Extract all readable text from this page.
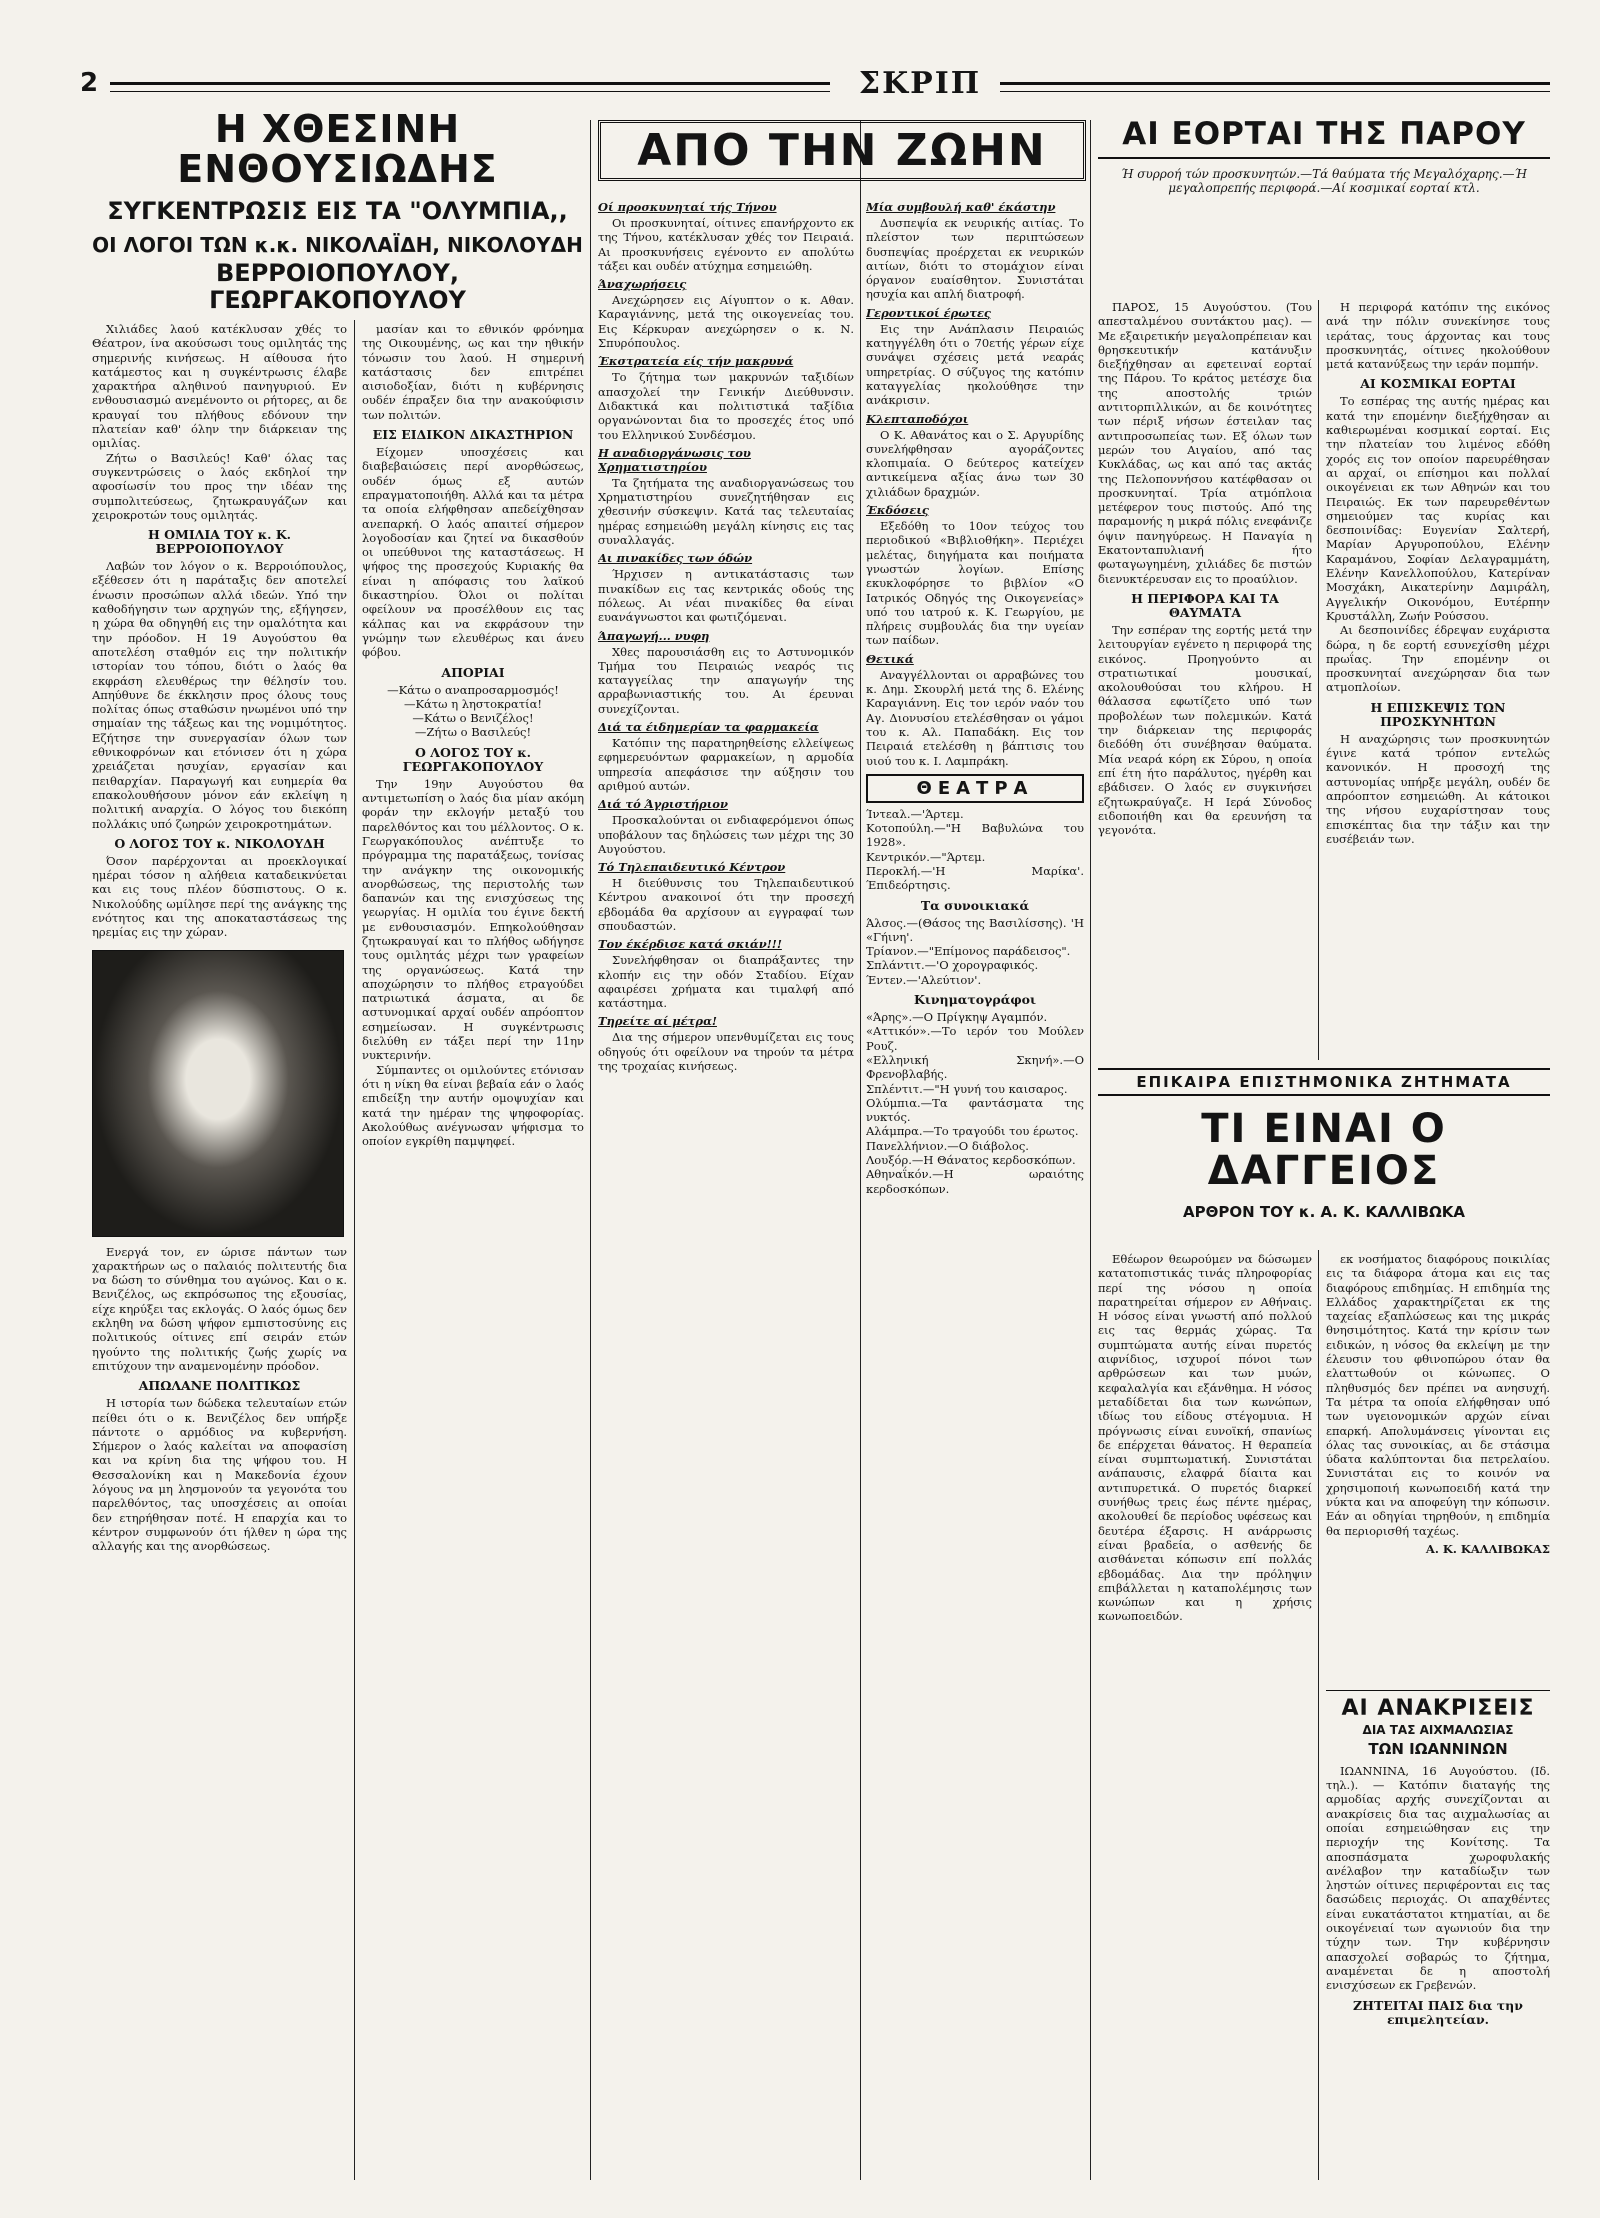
2	ΣΚΡΙΠ
Η ΧΘΕΣΙΝΗ ΕΝΘΟΥΣΙΩΔΗΣ
ΣΥΓΚΕΝΤΡΩΣΙΣ ΕΙΣ ΤΑ "ΟΛΥΜΠΙΑ,,
ΟΙ ΛΟΓΟΙ ΤΩΝ κ.κ. ΝΙΚΟΛΑΪΔΗ, ΝΙΚΟΛΟΥΔΗ
ΒΕΡΡΟΙΟΠΟΥΛΟΥ, ΓΕΩΡΓΑΚΟΠΟΥΛΟΥ

Χιλιάδες λαού κατέκλυσαν χθές το Θέατρον, ίνα ακούσωσι τους ομιλητάς της σημερινής κινήσεως. Η αίθουσα ήτο κατάμεστος και η συγκέντρωσις έλαβε χαρακτήρα αληθινού πανηγυριού. Εν ενθουσιασμώ ανεμένοντο οι ρήτορες, αι δε κραυγαί του πλήθους εδόνουν την πλατείαν καθ' όλην την διάρκειαν της ομιλίας.

Ζήτω ο Βασιλεύς! Καθ' όλας τας συγκεντρώσεις ο λαός εκδηλοί την αφοσίωσίν του προς την ιδέαν της συμπολιτεύσεως, ζητωκραυγάζων και χειροκροτών τους ομιλητάς.

Η ΟΜΙΛΙΑ ΤΟΥ κ. Κ. ΒΕΡΡΟΙΟΠΟΥΛΟΥ

Λαβών τον λόγον ο κ. Βερροιόπουλος, εξέθεσεν ότι η παράταξις δεν αποτελεί ένωσιν προσώπων αλλά ιδεών. Υπό την καθοδήγησιν των αρχηγών της, εξήγησεν, η χώρα θα οδηγηθή εις την ομαλότητα και την πρόοδον. Η 19 Αυγούστου θα αποτελέση σταθμόν εις την πολιτικήν ιστορίαν του τόπου, διότι ο λαός θα εκφράση ελευθέρως την θέλησίν του. Απηύθυνε δε έκκλησιν προς όλους τους πολίτας όπως σταθώσιν ηνωμένοι υπό την σημαίαν της τάξεως και της νομιμότητος. Εζήτησε την συνεργασίαν όλων των εθνικοφρόνων και ετόνισεν ότι η χώρα χρειάζεται ησυχίαν, εργασίαν και πειθαρχίαν. Παραγωγή και ευημερία θα επακολουθήσουν μόνον εάν εκλείψη η πολιτική αναρχία. Ο λόγος του διεκόπη πολλάκις υπό ζωηρών χειροκροτημάτων.

Ο ΛΟΓΟΣ ΤΟΥ κ. ΝΙΚΟΛΟΥΔΗ

Όσον παρέρχονται αι προεκλογικαί ημέραι τόσον η αλήθεια καταδεικνύεται και εις τους πλέον δύσπιστους. Ο κ. Νικολούδης ωμίλησε περί της ανάγκης της ενότητος και της αποκαταστάσεως της ηρεμίας εις την χώραν.

Ενεργά τον, εν ώρισε πάντων των χαρακτήρων ως ο παλαιός πολιτευτής δια να δώση το σύνθημα του αγώνος. Και ο κ. Βενιζέλος, ως εκπρόσωπος της εξουσίας, είχε κηρύξει τας εκλογάς. Ο λαός όμως δεν εκληθη να δώση ψήφον εμπιστοσύνης εις πολιτικούς οίτινες επί σειράν ετών ηγούντο της πολιτικής ζωής χωρίς να επιτύχουν την αναμενομένην πρόοδον.

ΑΠΩΛΑΝΕ ΠΟΛΙΤΙΚΩΣ

Η ιστορία των δώδεκα τελευταίων ετών πείθει ότι ο κ. Βενιζέλος δεν υπήρξε πάντοτε ο αρμόδιος να κυβερνήση. Σήμερον ο λαός καλείται να αποφασίση και να κρίνη δια της ψήφου του. Η Θεσσαλονίκη και η Μακεδονία έχουν λόγους να μη λησμονούν τα γεγονότα του παρελθόντος, τας υποσχέσεις αι οποίαι δεν ετηρήθησαν ποτέ. Η επαρχία και το κέντρον συμφωνούν ότι ήλθεν η ώρα της αλλαγής και της ανορθώσεως.

μασίαν και το εθνικόν φρόνημα της Οικουμένης, ως και την ηθικήν τόνωσιν του λαού. Η σημερινή κατάστασις δεν επιτρέπει αισιοδοξίαν, διότι η κυβέρνησις ουδέν έπραξεν δια την ανακούφισιν των πολιτών.

ΕΙΣ ΕΙΔΙΚΟΝ ΔΙΚΑΣΤΗΡΙΟΝ

Είχομεν υποσχέσεις και διαβεβαιώσεις περί ανορθώσεως, ουδέν όμως εξ αυτών επραγματοποιήθη. Αλλά και τα μέτρα τα οποία ελήφθησαν απεδείχθησαν ανεπαρκή. Ο λαός απαιτεί σήμερον λογοδοσίαν και ζητεί να δικασθούν οι υπεύθυνοι της καταστάσεως. Η ψήφος της προσεχούς Κυριακής θα είναι η απόφασις του λαϊκού δικαστηρίου. Όλοι οι πολίται οφείλουν να προσέλθουν εις τας κάλπας και να εκφράσουν την γνώμην των ελευθέρως και άνευ φόβου.

ΑΠΟΡΙΑΙ
—Κάτω ο αναπροσαρμοσμός!
—Κάτω η ληστοκρατία!
—Κάτω ο Βενιζέλος!
—Ζήτω ο Βασιλεύς!
Ο ΛΟΓΟΣ ΤΟΥ κ. ΓΕΩΡΓΑΚΟΠΟΥΛΟΥ

Την 19ην Αυγούστου θα αντιμετωπίση ο λαός δια μίαν ακόμη φοράν την εκλογήν μεταξύ του παρελθόντος και του μέλλοντος. Ο κ. Γεωργακόπουλος ανέπτυξε το πρόγραμμα της παρατάξεως, τονίσας την ανάγκην της οικονομικής ανορθώσεως, της περιστολής των δαπανών και της ενισχύσεως της γεωργίας. Η ομιλία του έγινε δεκτή με ενθουσιασμόν. Επηκολούθησαν ζητωκραυγαί και το πλήθος ωδήγησε τους ομιλητάς μέχρι των γραφείων της οργανώσεως. Κατά την αποχώρησιν το πλήθος ετραγούδει πατριωτικά άσματα, αι δε αστυνομικαί αρχαί ουδέν απρόοπτον εσημείωσαν. Η συγκέντρωσις διελύθη εν τάξει περί την 11ην νυκτερινήν.

Σύμπαντες οι ομιλούντες ετόνισαν ότι η νίκη θα είναι βεβαία εάν ο λαός επιδείξη την αυτήν ομοψυχίαν και κατά την ημέραν της ψηφοφορίας. Ακολούθως ανέγνωσαν ψήφισμα το οποίον εγκρίθη παμψηφεί.

ΑΠΟ ΤΗΝ ΖΩΗΝ
Οί προσκυνηταί τής Τήνου

Οι προσκυνηταί, οίτινες επανήρχοντο εκ της Τήνου, κατέκλυσαν χθές τον Πειραιά. Αι προσκυνήσεις εγένοντο εν απολύτω τάξει και ουδέν ατύχημα εσημειώθη.

Άναχωρήσεις

Ανεχώρησεν εις Αίγυπτον ο κ. Αθαν. Καραγιάννης, μετά της οικογενείας του. Εις Κέρκυραν ανεχώρησεν ο κ. Ν. Σπυρόπουλος.

Έκστρατεία είς τήν μακρυνά

Το ζήτημα των μακρυνών ταξιδίων απασχολεί την Γενικήν Διεύθυνσιν. Διδακτικά και πολιτιστικά ταξίδια οργανώνονται δια το προσεχές έτος υπό του Ελληνικού Συνδέσμου.

Η αναδιοργάνωσις του Χρηματιστηρίου

Τα ζητήματα της αναδιοργανώσεως του Χρηματιστηρίου συνεζητήθησαν εις χθεσινήν σύσκεψιν. Κατά τας τελευταίας ημέρας εσημειώθη μεγάλη κίνησις εις τας συναλλαγάς.

Αι πινακίδες των όδών

Ήρχισεν η αντικατάστασις των πινακίδων εις τας κεντρικάς οδούς της πόλεως. Αι νέαι πινακίδες θα είναι ευανάγνωστοι και φωτιζόμεναι.

Άπαγωγή... νυφη

Χθες παρουσιάσθη εις το Αστυνομικόν Τμήμα του Πειραιώς νεαρός τις καταγγείλας την απαγωγήν της αρραβωνιαστικής του. Αι έρευναι συνεχίζονται.

Διά τα έιδημερίαν τα φαρμακεία

Κατόπιν της παρατηρηθείσης ελλείψεως εφημερευόντων φαρμακείων, η αρμοδία υπηρεσία απεφάσισε την αύξησιν του αριθμού αυτών.

Διά τό Άγριστήριον

Προσκαλούνται οι ενδιαφερόμενοι όπως υποβάλουν τας δηλώσεις των μέχρι της 30 Αυγούστου.

Τό Τηλεπαιδευτικό Κέντρον

Η διεύθυνσις του Τηλεπαιδευτικού Κέντρου ανακοινοί ότι την προσεχή εβδομάδα θα αρχίσουν αι εγγραφαί των σπουδαστών.

Τον έκέρδισε κατά σκιάν!!!

Συνελήφθησαν οι διαπράξαντες την κλοπήν εις την οδόν Σταδίου. Είχαν αφαιρέσει χρήματα και τιμαλφή από κατάστημα.

Τηρείτε αί μέτρα!

Δια της σήμερον υπενθυμίζεται εις τους οδηγούς ότι οφείλουν να τηρούν τα μέτρα της τροχαίας κινήσεως.

Μία συμβουλή καθ' έκάστην

Δυσπεψία εκ νευρικής αιτίας. Το πλείστον των περιπτώσεων δυσπεψίας προέρχεται εκ νευρικών αιτίων, διότι το στομάχιον είναι όργανον ευαίσθητον. Συνιστάται ησυχία και απλή διατροφή.

Γεροντικοί έρωτες

Εις την Ανάπλασιν Πειραιώς κατηγγέλθη ότι ο 70ετής γέρων είχε συνάψει σχέσεις μετά νεαράς υπηρετρίας. Ο σύζυγος της κατόπιν καταγγελίας ηκολούθησε την ανάκρισιν.

Κλεπταποδόχοι

Ο Κ. Αθανάτος και ο Σ. Αργυρίδης συνελήφθησαν αγοράζοντες κλοπιμαία. Ο δεύτερος κατείχεν αντικείμενα αξίας άνω των 30 χιλιάδων δραχμών.

Έκδόσεις

Εξεδόθη το 10ον τεύχος του περιοδικού «Βιβλιοθήκη». Περιέχει μελέτας, διηγήματα και ποιήματα γνωστών λογίων. Επίσης εκυκλοφόρησε το βιβλίον «Ο Ιατρικός Οδηγός της Οικογενείας» υπό του ιατρού κ. Κ. Γεωργίου, με πλήρεις συμβουλάς δια την υγείαν των παίδων.

Θετικά

Αναγγέλλονται οι αρραβώνες του κ. Δημ. Σκουρλή μετά της δ. Ελένης Καραγιάννη. Εις τον ιερόν ναόν του Αγ. Διονυσίου ετελέσθησαν οι γάμοι του κ. Αλ. Παπαδάκη. Εις τον Πειραιά ετελέσθη η βάπτισις του υιού του κ. Ι. Λαμπράκη.

ΘΕΑΤΡΑ
Ίντεαλ.—'Άρτεμ.
Κοτοπούλη.—"Η Βαβυλώνα του 1928».
Κεντρικόν.—"Άρτεμ.
Περοκλή.—'Η Μαρίκα'. Έπιδεόρτησις.
Τα συνοικιακά
Άλσος.—(Θάσος της Βασιλίσσης). 'Η «Γήινη'.
Τρίανον.—"Επίμονος παράδεισος".
Σπλάντιτ.—'Ο χορογραφικός.
Έντεν.—'Αλεύτιον'.
Κινηματογράφοι
«Άρης».—Ο Πρίγκηψ Αγαμπόν.
«Αττικόν».—Το ιερόν του Μούλεν Ρουζ.
«Ελληνική Σκηνή».—Ο Φρενοβλαβής.
Σπλέντιτ.—"Η γυνή του καισαρος.
Ολύμπια.—Τα φαντάσματα της νυκτός.
Αλάμπρα.—Το τραγούδι του έρωτος.
Πανελλήνιον.—Ο διάβολος.
Λουξόρ.—Η Θάνατος κερδοσκόπων.
Αθηναΐκόν.—Η ωραιότης κερδοσκόπων.
ΑΙ ΕΟΡΤΑΙ ΤΗΣ ΠΑΡΟΥ
Ή συρροή τών προσκυνητών.—Τά θαύματα τής Μεγαλόχαρης.—Ή μεγαλοπρεπής περιφορά.—Αί κοσμικαί εορταί κτλ.

ΠΑΡΟΣ, 15 Αυγούστου. (Του απεσταλμένου συντάκτου μας). — Με εξαιρετικήν μεγαλοπρέπειαν και θρησκευτικήν κατάνυξιν διεξήχθησαν αι εφετειναί εορταί της Πάρου. Το κράτος μετέσχε δια της αποστολής τριών αντιτορπιλλικών, αι δε κοινότητες των πέριξ νήσων έστειλαν τας αντιπροσωπείας των. Εξ όλων των μερών του Αιγαίου, από τας Κυκλάδας, ως και από τας ακτάς της Πελοποννήσου κατέφθασαν οι προσκυνηταί. Τρία ατμόπλοια μετέφερον τους πιστούς. Από της παραμονής η μικρά πόλις ενεφάνιζε όψιν πανηγύρεως. Η Παναγία η Εκατονταπυλιανή ήτο φωταγωγημένη, χιλιάδες δε πιστών διενυκτέρευσαν εις το προαύλιον.

Η ΠΕΡΙΦΟΡΑ ΚΑΙ ΤΑ ΘΑΥΜΑΤΑ

Την εσπέραν της εορτής μετά την λειτουργίαν εγένετο η περιφορά της εικόνος. Προηγούντο αι στρατιωτικαί μουσικαί, ακολουθούσαι του κλήρου. Η θάλασσα εφωτίζετο υπό των προβολέων των πολεμικών. Κατά την διάρκειαν της περιφοράς διεδόθη ότι συνέβησαν θαύματα. Μία νεαρά κόρη εκ Σύρου, η οποία επί έτη ήτο παράλυτος, ηγέρθη και εβάδισεν. Ο λαός εν συγκινήσει εζητωκραύγαζε. Η Ιερά Σύνοδος ειδοποιήθη και θα ερευνήση τα γεγονότα.

Η περιφορά κατόπιν της εικόνος ανά την πόλιν συνεκίνησε τους ιεράτας, τους άρχοντας και τους προσκυνητάς, οίτινες ηκολούθουν μετά κατανύξεως την ιεράν πομπήν.

ΑΙ ΚΟΣΜΙΚΑΙ ΕΟΡΤΑΙ

Το εσπέρας της αυτής ημέρας και κατά την επομένην διεξήχθησαν αι καθιερωμέναι κοσμικαί εορταί. Εις την πλατείαν του λιμένος εδόθη χορός εις τον οποίον παρευρέθησαν αι αρχαί, οι επίσημοι και πολλαί οικογένειαι εκ των Αθηνών και του Πειραιώς. Εκ των παρευρεθέντων σημειούμεν τας κυρίας και δεσποινίδας: Ευγενίαν Σαλτερή, Μαρίαν Αργυροπούλου, Ελένην Καραμάνου, Σοφίαν Δελαγραμμάτη, Ελένην Κανελλοπούλου, Κατερίναν Μοσχάκη, Αικατερίνην Δαμιράλη, Αγγελικήν Οικονόμου, Ευτέρπην Κρυστάλλη, Ζωήν Ρούσσου.

Αι δεσποινίδες έδρεψαν ευχάριστα δώρα, η δε εορτή εσυνεχίσθη μέχρι πρωΐας. Την επομένην οι προσκυνηταί ανεχώρησαν δια των ατμοπλοίων.

Η ΕΠΙΣΚΕΨΙΣ ΤΩΝ ΠΡΟΣΚΥΝΗΤΩΝ

Η αναχώρησις των προσκυνητών έγινε κατά τρόπον εντελώς κανονικόν. Η προσοχή της αστυνομίας υπήρξε μεγάλη, ουδέν δε απρόοπτον εσημειώθη. Αι κάτοικοι της νήσου ευχαρίστησαν τους επισκέπτας δια την τάξιν και την ευσέβειάν των.

ΕΠΙΚΑΙΡΑ ΕΠΙΣΤΗΜΟΝΙΚΑ ΖΗΤΗΜΑΤΑ
ΤΙ ΕΙΝΑΙ Ο ΔΑΓΓΕΙΟΣ
ΑΡΘΡΟΝ ΤΟΥ κ. Α. Κ. ΚΑΛΛΙΒΩΚΑ

Εθέωρον θεωρούμεν να δώσωμεν κατατοπιστικάς τινάς πληροφορίας περί της νόσου η οποία παρατηρείται σήμερον εν Αθήναις. Η νόσος είναι γνωστή από πολλού εις τας θερμάς χώρας. Τα συμπτώματα αυτής είναι πυρετός αιφνίδιος, ισχυροί πόνοι των αρθρώσεων και των μυών, κεφαλαλγία και εξάνθημα. Η νόσος μεταδίδεται δια των κωνώπων, ιδίως του είδους στέγομυια. Η πρόγνωσις είναι ευνοϊκή, σπανίως δε επέρχεται θάνατος. Η θεραπεία είναι συμπτωματική. Συνιστάται ανάπαυσις, ελαφρά δίαιτα και αντιπυρετικά. Ο πυρετός διαρκεί συνήθως τρεις έως πέντε ημέρας, ακολουθεί δε περίοδος υφέσεως και δευτέρα έξαρσις. Η ανάρρωσις είναι βραδεία, ο ασθενής δε αισθάνεται κόπωσιν επί πολλάς εβδομάδας. Δια την πρόληψιν επιβάλλεται η καταπολέμησις των κωνώπων και η χρήσις κωνωποειδών.

εκ νοσήματος διαφόρους ποικιλίας εις τα διάφορα άτομα και εις τας διαφόρους επιδημίας. Η επιδημία της Ελλάδος χαρακτηρίζεται εκ της ταχείας εξαπλώσεως και της μικράς θνησιμότητος. Κατά την κρίσιν των ειδικών, η νόσος θα εκλείψη με την έλευσιν του φθινοπώρου όταν θα ελαττωθούν οι κώνωπες. Ο πληθυσμός δεν πρέπει να ανησυχή. Τα μέτρα τα οποία ελήφθησαν υπό των υγειονομικών αρχών είναι επαρκή. Απολυμάνσεις γίνονται εις όλας τας συνοικίας, αι δε στάσιμα ύδατα καλύπτονται δια πετρελαίου. Συνιστάται εις το κοινόν να χρησιμοποιή κωνωποειδή κατά την νύκτα και να αποφεύγη την κόπωσιν. Εάν αι οδηγίαι τηρηθούν, η επιδημία θα περιορισθή ταχέως.

Α. Κ. ΚΑΛΛΙΒΩΚΑΣ
ΑΙ ΑΝΑΚΡΙΣΕΙΣ
ΔΙΑ ΤΑΣ ΑΙΧΜΑΛΩΣΙΑΣ
ΤΩΝ ΙΩΑΝΝΙΝΩΝ

ΙΩΑΝΝΙΝΑ, 16 Αυγούστου. (Ιδ. τηλ.). — Κατόπιν διαταγής της αρμοδίας αρχής συνεχίζονται αι ανακρίσεις δια τας αιχμαλωσίας αι οποίαι εσημειώθησαν εις την περιοχήν της Κονίτσης. Τα αποσπάσματα χωροφυλακής ανέλαβον την καταδίωξιν των ληστών οίτινες περιφέρονται εις τας δασώδεις περιοχάς. Οι απαχθέντες είναι ευκατάστατοι κτηματίαι, αι δε οικογένειαί των αγωνιούν δια την τύχην των. Την κυβέρνησιν απασχολεί σοβαρώς το ζήτημα, αναμένεται δε η αποστολή ενισχύσεων εκ Γρεβενών.

ΖΗΤΕΙΤΑΙ ΠΑΙΣ δια την επιμελητείαν.
